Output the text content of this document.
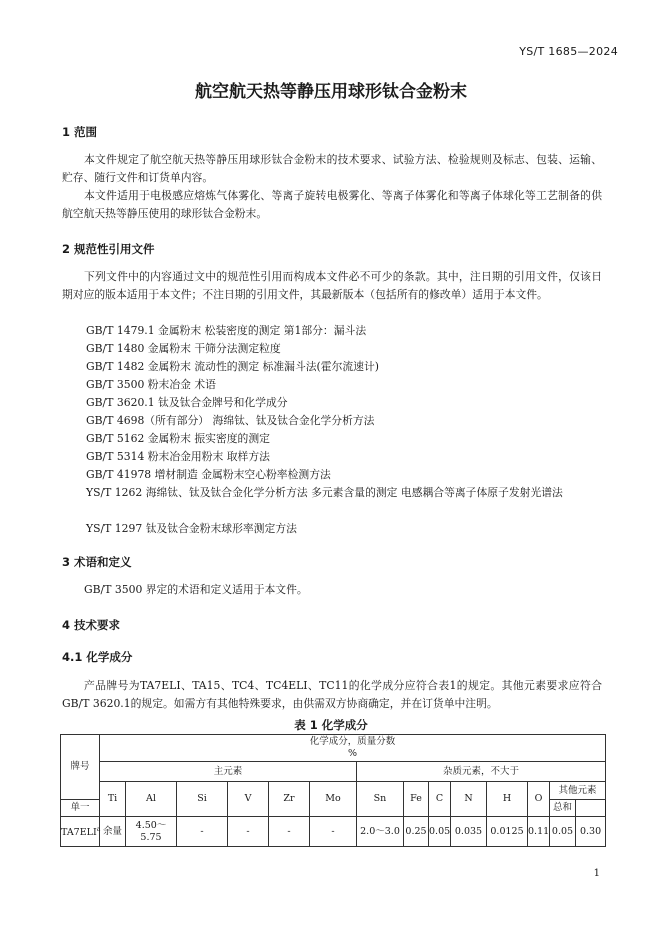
YS/T 1685—2024
航空航天热等静压用球形钛合金粉末
1 范围
本文件规定了航空航天热等静压用球形钛合金粉末的技术要求、试验方法、检验规则及标志、包装、运输、贮存、随行文件和订货单内容。
本文件适用于电极感应熔炼气体雾化、等离子旋转电极雾化、等离子体雾化和等离子体球化等工艺制备的供航空航天热等静压使用的球形钛合金粉末。
2 规范性引用文件
下列文件中的内容通过文中的规范性引用而构成本文件必不可少的条款。其中，注日期的引用文件，仅该日期对应的版本适用于本文件；不注日期的引用文件，其最新版本（包括所有的修改单）适用于本文件。
GB/T 1479.1 金属粉末 松装密度的测定 第1部分：漏斗法
GB/T 1480 金属粉末 干筛分法测定粒度
GB/T 1482 金属粉末 流动性的测定 标准漏斗法(霍尔流速计)
GB/T 3500 粉末冶金 术语
GB/T 3620.1 钛及钛合金牌号和化学成分
GB/T 4698（所有部分） 海绵钛、钛及钛合金化学分析方法
GB/T 5162 金属粉末 振实密度的测定
GB/T 5314 粉末冶金用粉末 取样方法
GB/T 41978 增材制造 金属粉末空心粉率检测方法
YS/T 1262 海绵钛、钛及钛合金化学分析方法 多元素含量的测定 电感耦合等离子体原子发射光谱法
YS/T 1297 钛及钛合金粉末球形率测定方法
3 术语和定义
GB/T 3500 界定的术语和定义适用于本文件。
4 技术要求
4.1 化学成分
产品牌号为TA7ELI、TA15、TC4、TC4ELI、TC11的化学成分应符合表1的规定。其他元素要求应符合GB/T 3620.1的规定。如需方有其他特殊要求，由供需双方协商确定，并在订货单中注明。
表 1 化学成分
牌号	化学成分，质量分数
%													

	主元素						杂质元素，不大于							
	Ti	Al	Si	V	Zr	Mo	Sn	Fe	C	N	H	O	其他元素	
单一													总和	
TA7ELI$^a$	余量	4.50～5.75	-	-	-	-	2.0～3.0	0.25	0.05	0.035	0.0125	0.11	0.05	0.30
1
